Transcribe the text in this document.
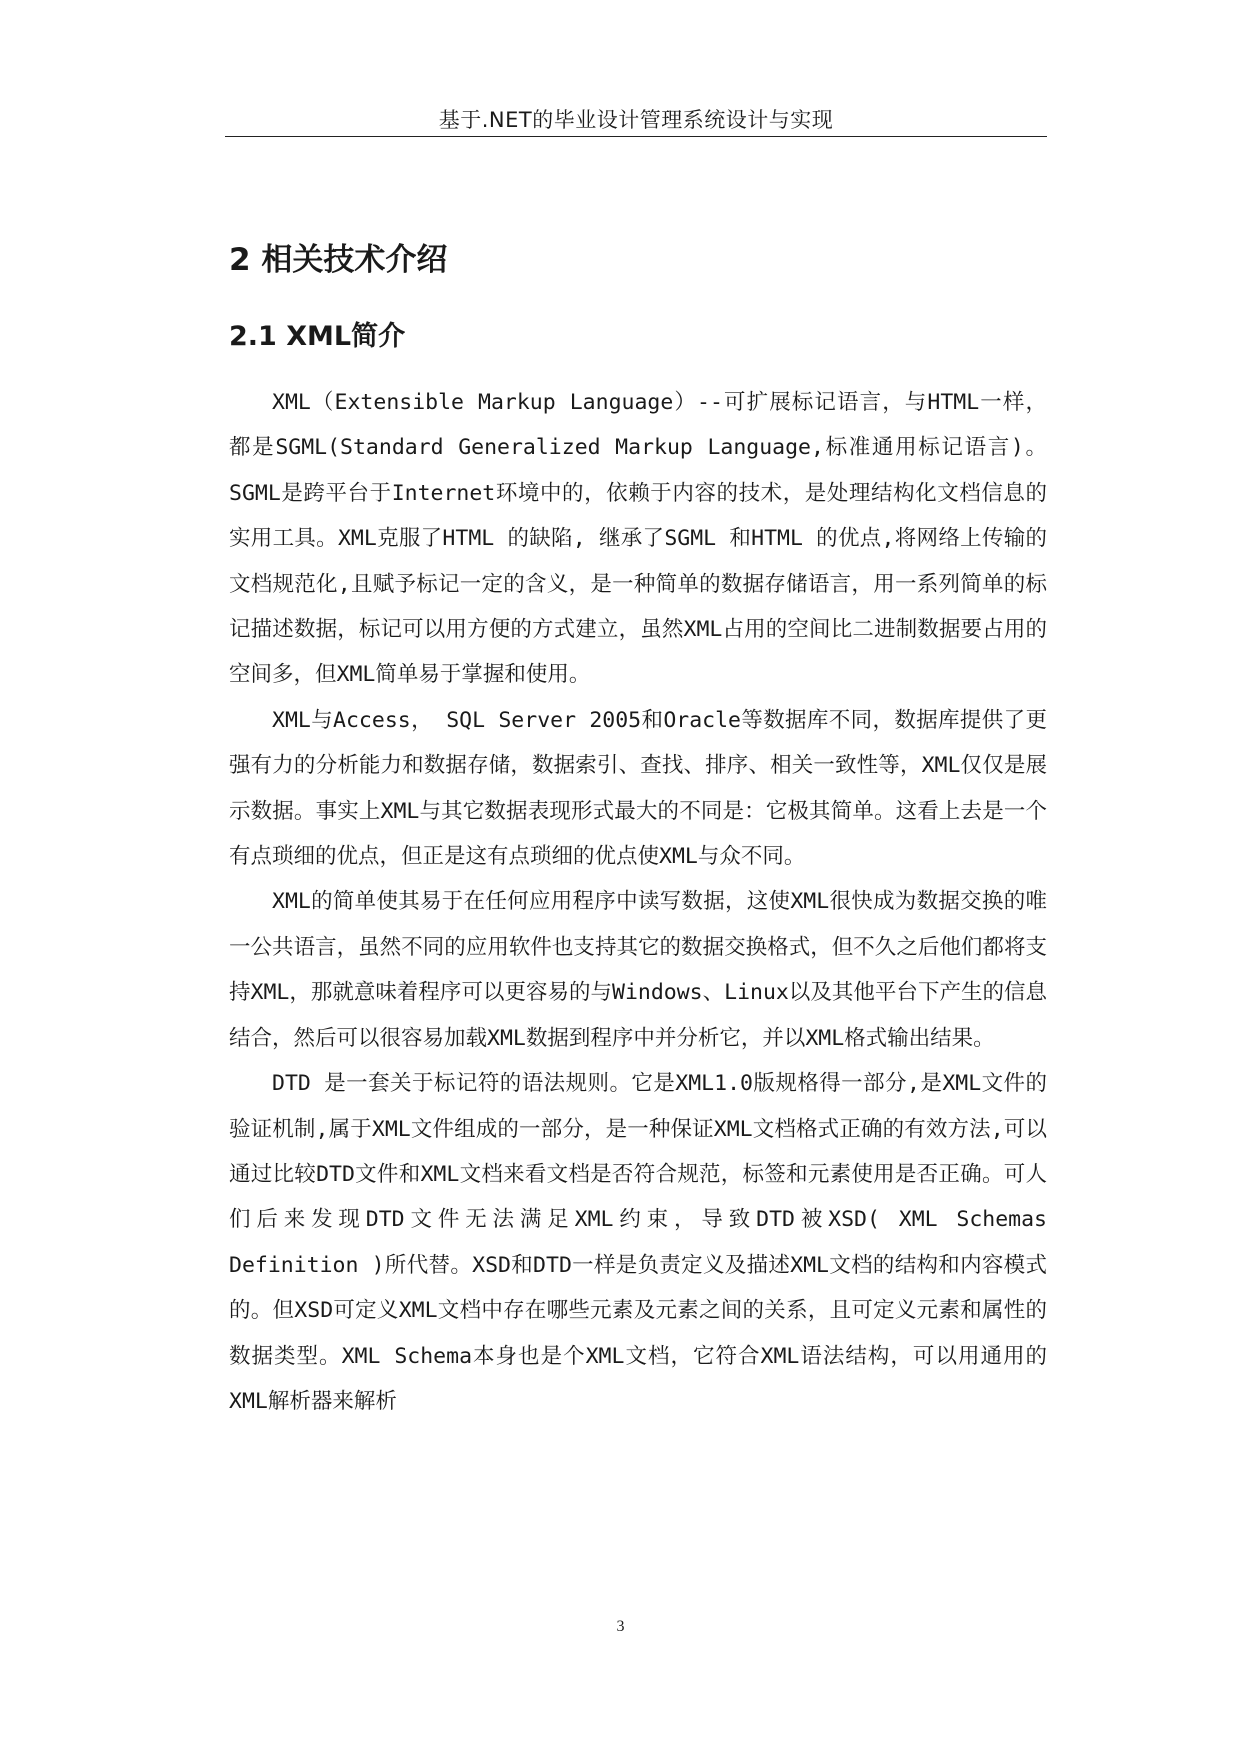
基于.NET的毕业设计管理系统设计与实现
2 相关技术介绍
2.1 XML简介

XML（Extensible Markup Language）--可扩展标记语言，与HTML一样，都是SGML(Standard Generalized Markup Language,标准通用标记语言)。SGML是跨平台于Internet环境中的，依赖于内容的技术，是处理结构化文档信息的实用工具。XML克服了HTML 的缺陷, 继承了SGML 和HTML 的优点,将网络上传输的文档规范化,且赋予标记一定的含义，是一种简单的数据存储语言，用一系列简单的标记描述数据，标记可以用方便的方式建立，虽然XML占用的空间比二进制数据要占用的空间多，但XML简单易于掌握和使用。

XML与Access， SQL Server 2005和Oracle等数据库不同，数据库提供了更强有力的分析能力和数据存储，数据索引、查找、排序、相关一致性等，XML仅仅是展示数据。事实上XML与其它数据表现形式最大的不同是：它极其简单。这看上去是一个有点琐细的优点，但正是这有点琐细的优点使XML与众不同。

XML的简单使其易于在任何应用程序中读写数据，这使XML很快成为数据交换的唯一公共语言，虽然不同的应用软件也支持其它的数据交换格式，但不久之后他们都将支持XML，那就意味着程序可以更容易的与Windows、Linux以及其他平台下产生的信息结合，然后可以很容易加载XML数据到程序中并分析它，并以XML格式输出结果。

DTD 是一套关于标记符的语法规则。它是XML1.0版规格得一部分,是XML文件的验证机制,属于XML文件组成的一部分，是一种保证XML文档格式正确的有效方法,可以通过比较DTD文件和XML文档来看文档是否符合规范，标签和元素使用是否正确。可人们后来发现DTD文件无法满足XML约束，导致DTD被XSD( XML Schemas Definition )所代替。XSD和DTD一样是负责定义及描述XML文档的结构和内容模式的。但XSD可定义XML文档中存在哪些元素及元素之间的关系，且可定义元素和属性的数据类型。XML Schema本身也是个XML文档，它符合XML语法结构，可以用通用的XML解析器来解析

3
